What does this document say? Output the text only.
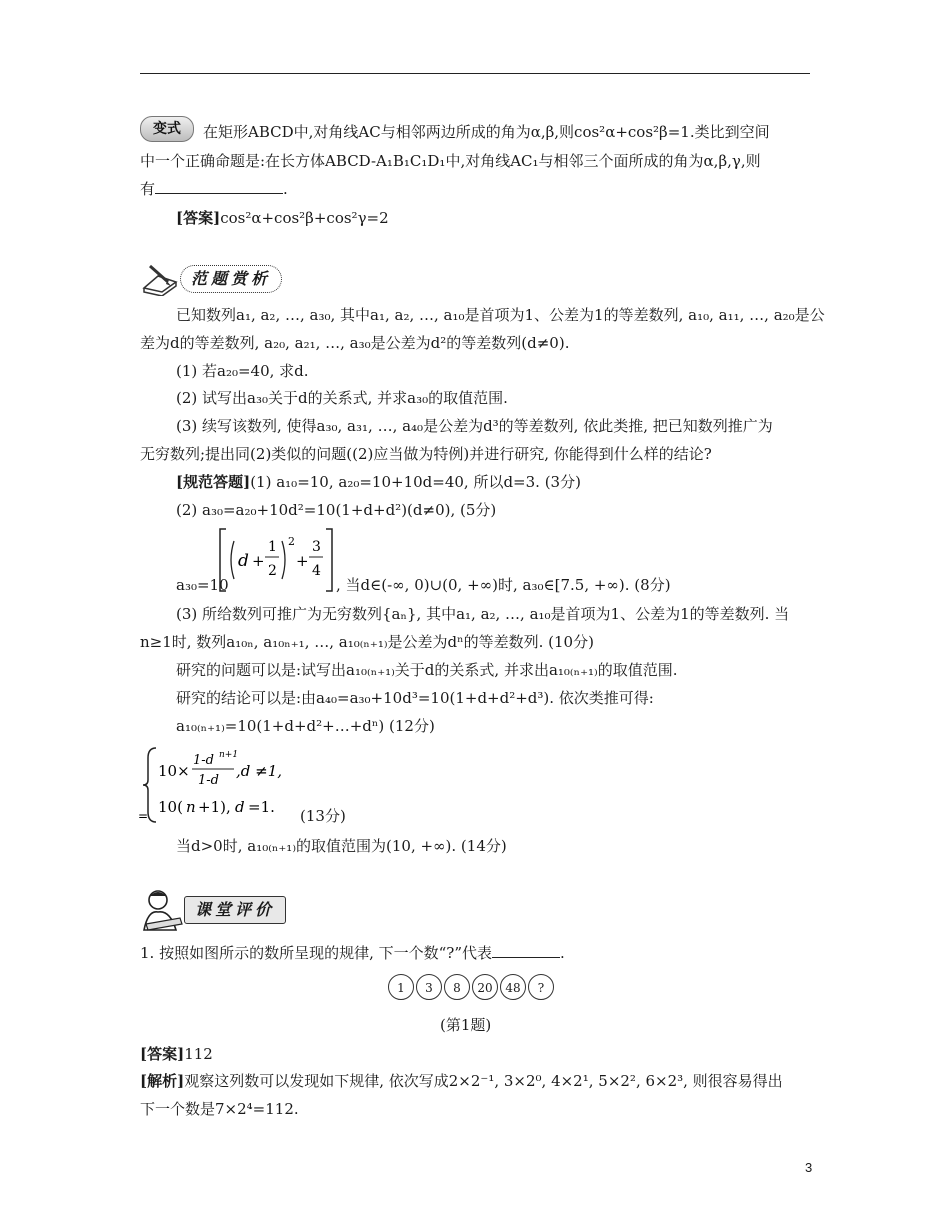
变式	在矩形ABCD中,对角线AC与相邻两边所成的角为α,β,则cos²α+cos²β=1.类比到空间
中一个正确命题是:在长方体ABCD-A₁B₁C₁D₁中,对角线AC₁与相邻三个面所成的角为α,β,γ,则
有	.
[答案]cos²α+cos²β+cos²γ=2
范题赏析
已知数列a₁, a₂, …, a₃₀, 其中a₁, a₂, …, a₁₀是首项为1、公差为1的等差数列, a₁₀, a₁₁, …, a₂₀是公
差为d的等差数列, a₂₀, a₂₁, …, a₃₀是公差为d²的等差数列(d≠0).
(1) 若a₂₀=40, 求d.
(2) 试写出a₃₀关于d的关系式, 并求a₃₀的取值范围.
(3) 续写该数列, 使得a₃₀, a₃₁, …, a₄₀是公差为d³的等差数列, 依此类推, 把已知数列推广为
无穷数列;提出同(2)类似的问题((2)应当做为特例)并进行研究, 你能得到什么样的结论?
[规范答题](1) a₁₀=10, a₂₀=10+10d=40, 所以d=3. (3分)
(2) a₃₀=a₂₀+10d²=10(1+d+d²)(d≠0), (5分)
a₃₀=10
d +
1
2
2
+
3
4
, 当d∈(-∞, 0)∪(0, +∞)时, a₃₀∈[7.5, +∞). (8分)
(3) 所给数列可推广为无穷数列{aₙ}, 其中a₁, a₂, …, a₁₀是首项为1、公差为1的等差数列. 当
n≥1时, 数列a₁₀ₙ, a₁₀ₙ₊₁, …, a₁₀₍ₙ₊₁₎是公差为dⁿ的等差数列. (10分)
研究的问题可以是:试写出a₁₀₍ₙ₊₁₎关于d的关系式, 并求出a₁₀₍ₙ₊₁₎的取值范围.
研究的结论可以是:由a₄₀=a₃₀+10d³=10(1+d+d²+d³). 依次类推可得:
a₁₀₍ₙ₊₁₎=10(1+d+d²+…+dⁿ) (12分)
=
10×
1-d n+1
1-d
,d ≠1,
10( n +1), d =1. (13分)
当d>0时, a₁₀₍ₙ₊₁₎的取值范围为(10, +∞). (14分)
课堂评价
1. 按照如图所示的数所呈现的规律, 下一个数“?”代表	.
1	3	8	20	48	?
(第1题)
[答案]112
[解析]观察这列数可以发现如下规律, 依次写成2×2⁻¹, 3×2⁰, 4×2¹, 5×2², 6×2³, 则很容易得出
下一个数是7×2⁴=112.
3
